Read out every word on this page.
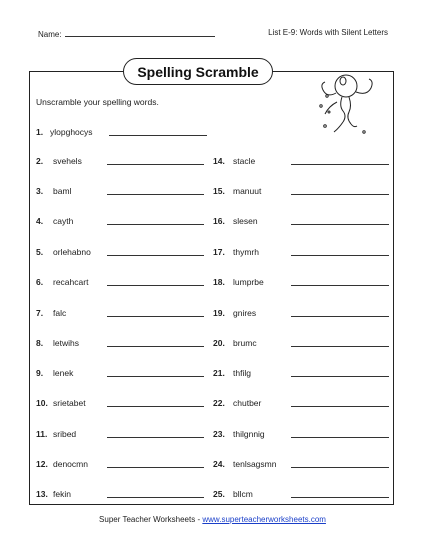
Name:	List E-9: Words with Silent Letters
Spelling Scramble
Unscramble your spelling words.
1. ylopghocys
2. svehels
3. baml
4. cayth
5. orlehabno
6. recahcart
7. falc
8. letwihs
9. lenek
10. srietabet
11. sribed
12. denocmn
13. fekin
14. stacle
15. manuut
16. slesen
17. thymrh
18. lumprbe
19. gnires
20. brumc
21. thfilg
22. chutber
23. thilgnnig
24. tenlsagsmn
25. bllcm
Super Teacher Worksheets - www.superteacherworksheets.com
